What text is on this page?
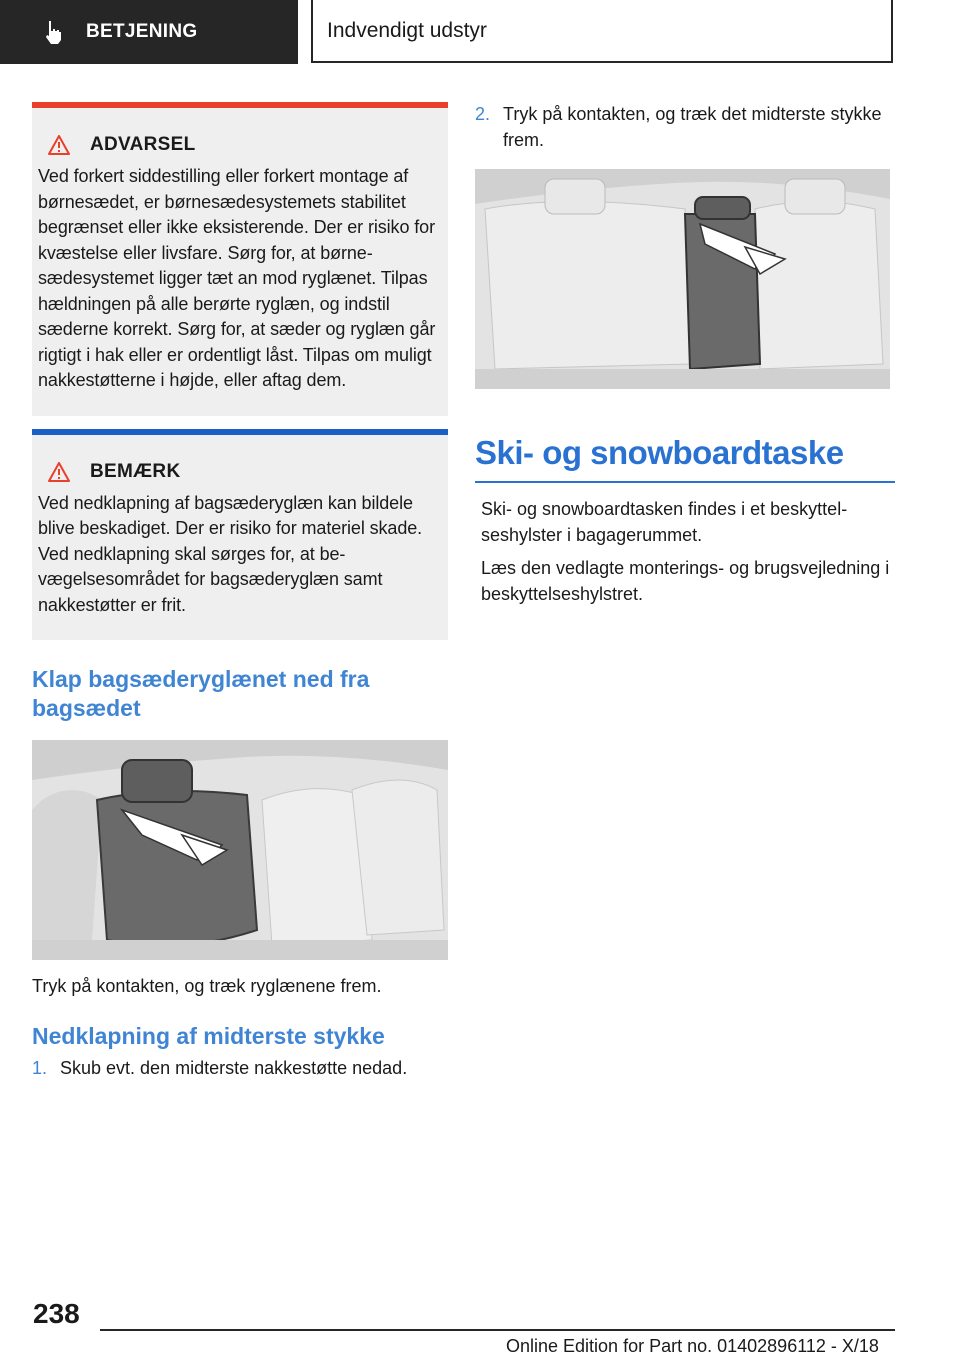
BETJENING	Indvendigt udstyr
ADVARSEL
Ved forkert siddestilling eller forkert montage af børnesædet, er børnesædesystemets stabilitet begrænset eller ikke eksisterende. Der er risiko for kvæstelse eller livsfare. Sørg for, at børnesædesystemet ligger tæt an mod ryglænet. Tilpas hældningen på alle berørte ryglæn, og indstil sæderne korrekt. Sørg for, at sæder og ryglæn går rigtigt i hak eller er ordentligt låst. Tilpas om muligt nakkestøtterne i højde, eller aftag dem.
BEMÆRK
Ved nedklapning af bagsæderyglæn kan bildele blive beskadiget. Der er risiko for materiel skade. Ved nedklapning skal sørges for, at bevægelsesområdet for bagsæderyglæn samt nakkestøtter er frit.
Klap bagsæderyglænet ned fra bagsædet
Tryk på kontakten, og træk ryglænene frem.
Nedklapning af midterste stykke
1. Skub evt. den midterste nakkestøtte nedad.
2. Tryk på kontakten, og træk det midterste stykke frem.
Ski- og snowboardtaske
Ski- og snowboardtasken findes i et beskyttelseshylster i bagagerummet.
Læs den vedlagte monterings- og brugsvejledning i beskyttelseshylstret.
238
Online Edition for Part no. 01402896112 - X/18
